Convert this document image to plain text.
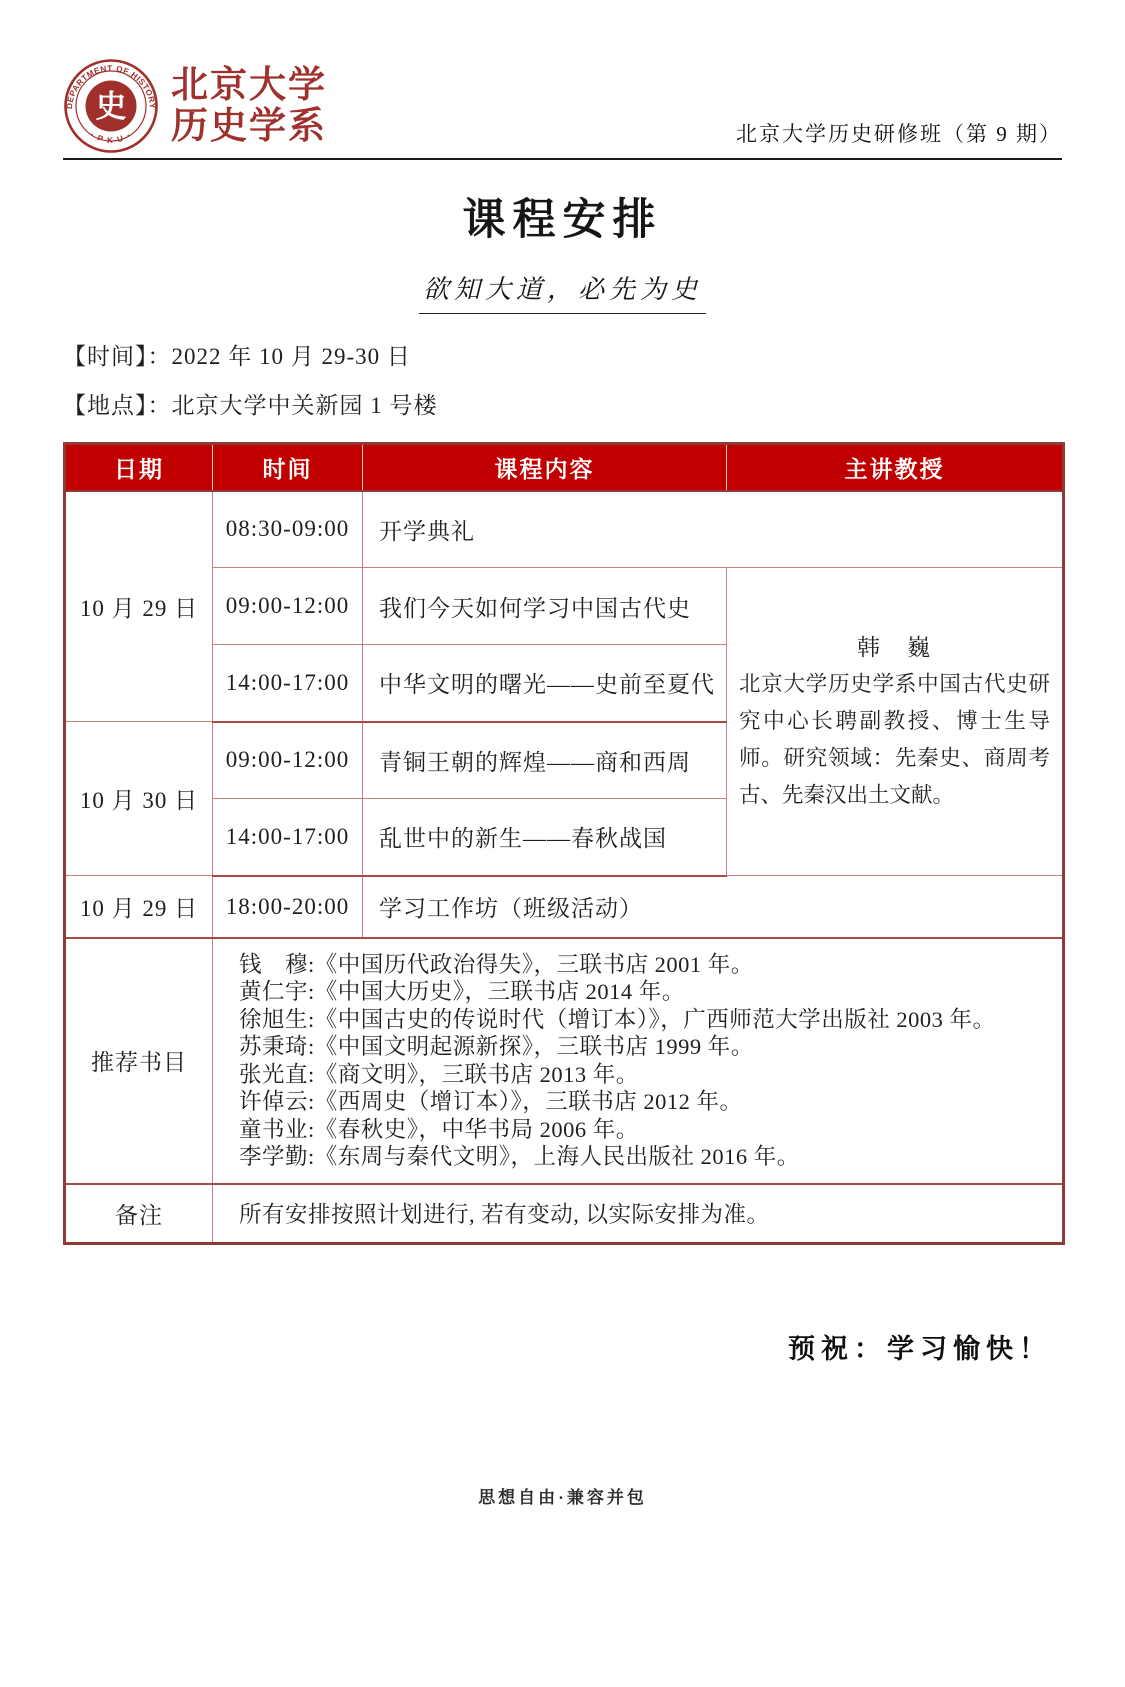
DEPARTMENT OF HISTORY
· P K U ·
史
北京大学
历史学系	北京大学历史研修班（第 9 期）
课程安排
欲知大道，必先为史
【时间】：2022 年 10 月 29-30 日
【地点】：北京大学中关新园 1 号楼
日期	时间	课程内容	主讲教授
10 月 29 日	08:30-09:00	开学典礼	
	09:00-12:00	我们今天如何学习中国古代史	韩　巍
北京大学历史学系中国古代史研究中心长聘副教授、博士生导师。研究领域：先秦史、商周考古、先秦汉出土文献。

	14:00-17:00	中华文明的曙光——史前至夏代	
10 月 30 日	09:00-12:00	青铜王朝的辉煌——商和西周	
	14:00-17:00	乱世中的新生——春秋战国	
10 月 29 日	18:00-20:00	学习工作坊（班级活动）	
推荐书目	
钱　穆:《中国历代政治得失》，三联书店 2001 年。
黄仁宇:《中国大历史》，三联书店 2014 年。
徐旭生:《中国古史的传说时代（增订本）》，广西师范大学出版社 2003 年。
苏秉琦:《中国文明起源新探》，三联书店 1999 年。
张光直:《商文明》，三联书店 2013 年。
许倬云:《西周史（增订本）》，三联书店 2012 年。
童书业:《春秋史》，中华书局 2006 年。
李学勤:《东周与秦代文明》，上海人民出版社 2016 年。

备注	所有安排按照计划进行, 若有变动, 以实际安排为准。		
预祝：学习愉快！
思想自由·兼容并包
